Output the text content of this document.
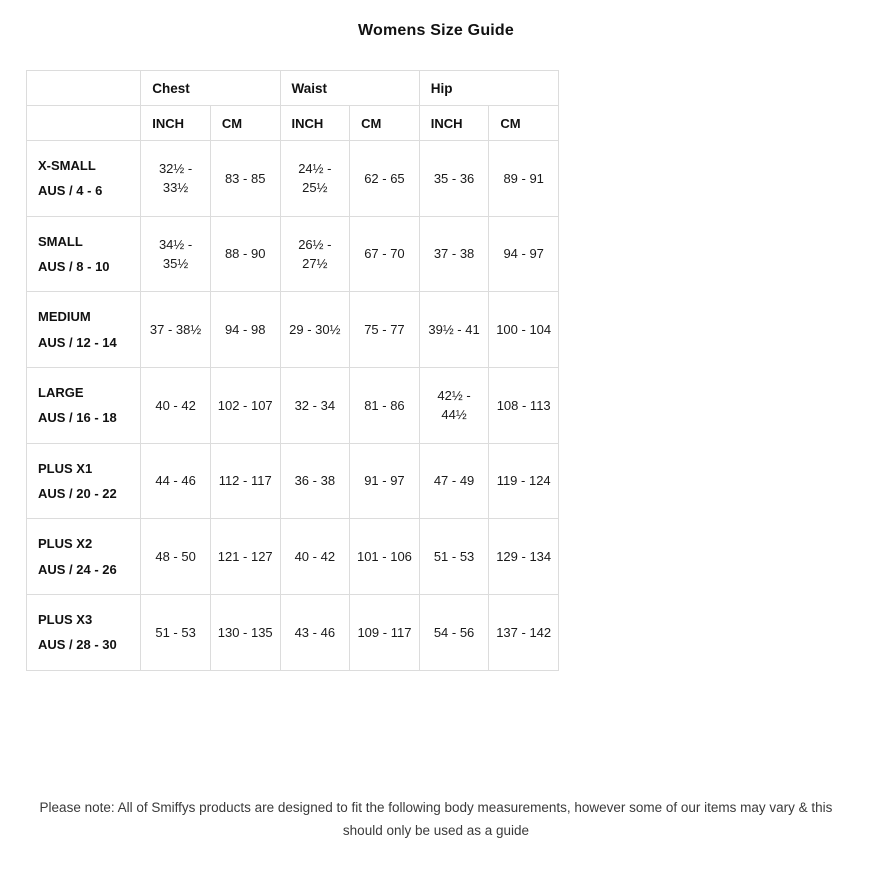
Womens Size Guide
	Chest		Waist		Hip	
	INCH	CM	INCH	CM	INCH	CM
X-SMALL
AUS / 4 - 6	32½ - 33½	83 - 85	24½ - 25½	62 - 65	35 - 36	89 - 91
SMALL
AUS / 8 - 10	34½ - 35½	88 - 90	26½ - 27½	67 - 70	37 - 38	94 - 97
MEDIUM
AUS / 12 - 14	37 - 38½	94 - 98	29 - 30½	75 - 77	39½ - 41	100 - 104
LARGE
AUS / 16 - 18	40 - 42	102 - 107	32 - 34	81 - 86	42½ - 44½	108 - 113
PLUS X1
AUS / 20 - 22	44 - 46	112 - 117	36 - 38	91 - 97	47 - 49	119 - 124
PLUS X2
AUS / 24 - 26	48 - 50	121 - 127	40 - 42	101 - 106	51 - 53	129 - 134
PLUS X3
AUS / 28 - 30	51 - 53	130 - 135	43 - 46	109 - 117	54 - 56	137 - 142
Please note: All of Smiffys products are designed to fit the following body measurements, however some of our items may vary & this should only be used as a guide
